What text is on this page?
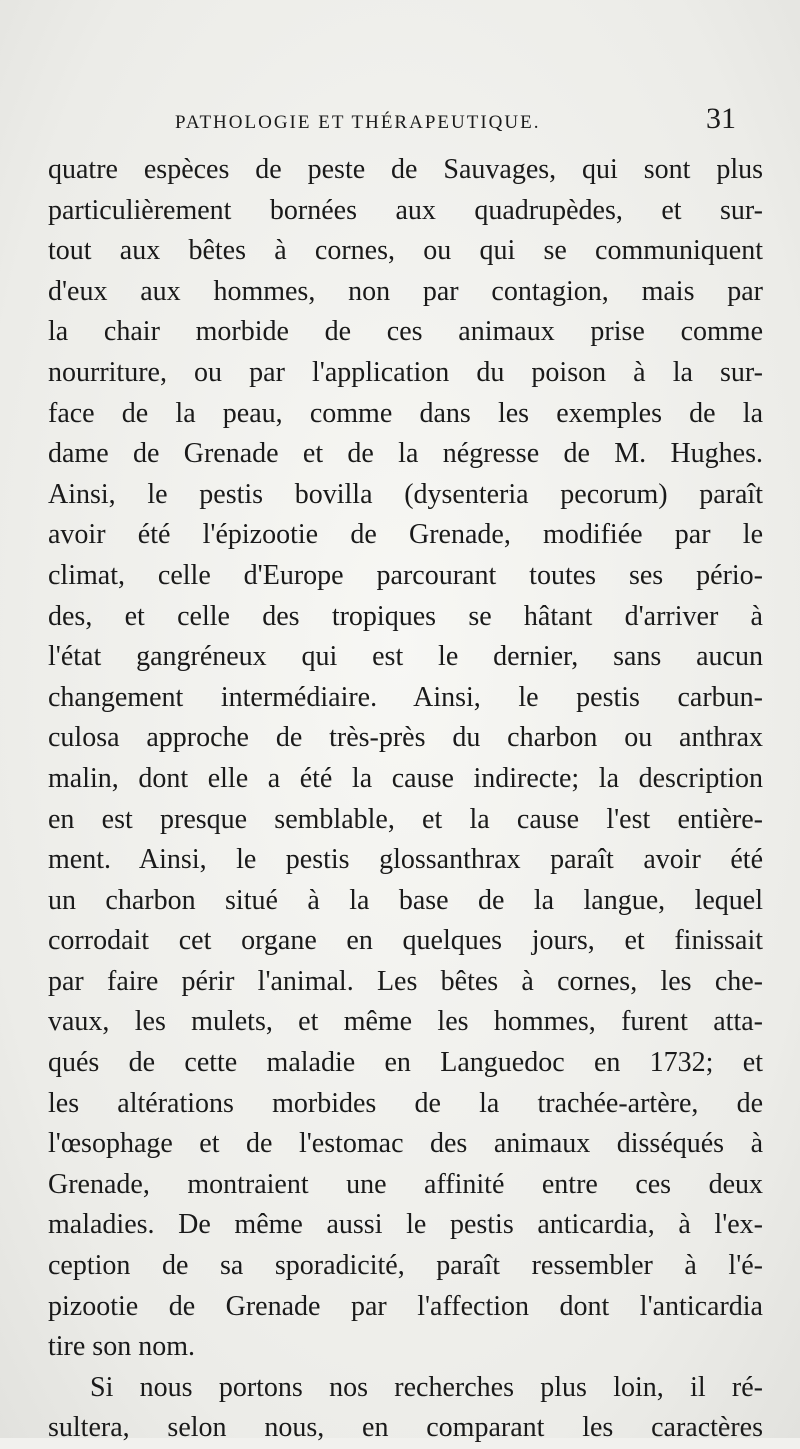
PATHOLOGIE ET THÉRAPEUTIQUE.	31
quatre espèces de peste de Sauvages, qui sont plus
particulièrement bornées aux quadrupèdes, et sur-
tout aux bêtes à cornes, ou qui se communiquent
d'eux aux hommes, non par contagion, mais par
la chair morbide de ces animaux prise comme
nourriture, ou par l'application du poison à la sur-
face de la peau, comme dans les exemples de la
dame de Grenade et de la négresse de M. Hughes.
Ainsi, le pestis bovilla (dysenteria pecorum) paraît
avoir été l'épizootie de Grenade, modifiée par le
climat, celle d'Europe parcourant toutes ses pério-
des, et celle des tropiques se hâtant d'arriver à
l'état gangréneux qui est le dernier, sans aucun
changement intermédiaire. Ainsi, le pestis carbun-
culosa approche de très-près du charbon ou anthrax
malin, dont elle a été la cause indirecte; la description
en est presque semblable, et la cause l'est entière-
ment. Ainsi, le pestis glossanthrax paraît avoir été
un charbon situé à la base de la langue, lequel
corrodait cet organe en quelques jours, et finissait
par faire périr l'animal. Les bêtes à cornes, les che-
vaux, les mulets, et même les hommes, furent atta-
qués de cette maladie en Languedoc en 1732; et
les altérations morbides de la trachée-artère, de
l'œsophage et de l'estomac des animaux disséqués à
Grenade, montraient une affinité entre ces deux
maladies. De même aussi le pestis anticardia, à l'ex-
ception de sa sporadicité, paraît ressembler à l'é-
pizootie de Grenade par l'affection dont l'anticardia
tire son nom.
Si nous portons nos recherches plus loin, il ré-
sultera, selon nous, en comparant les caractères
